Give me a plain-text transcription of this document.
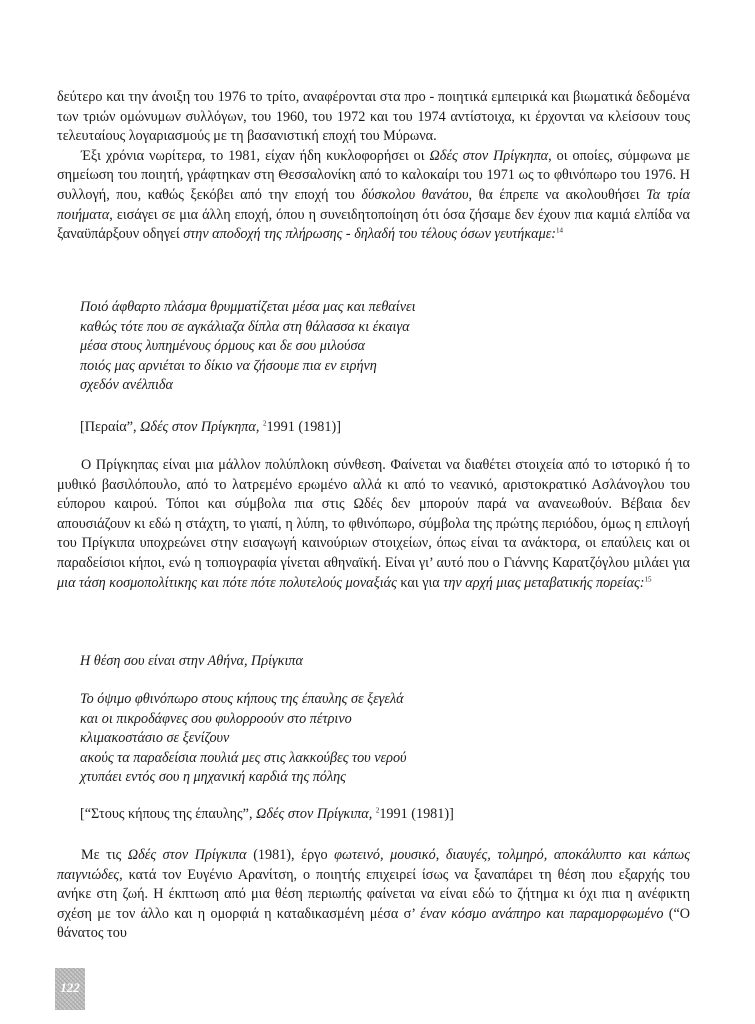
δεύτερο και την άνοιξη του 1976 το τρίτο, αναφέρονται στα προ - ποιητικά εμπειρικά και βιωματικά δεδομένα των τριών ομώνυμων συλλόγων, του 1960, του 1972 και του 1974 αντίστοιχα, κι έρχονται να κλείσουν τους τελευταίους λογαριασμούς με τη βασανιστική εποχή του Μύρωνα.

Έξι χρόνια νωρίτερα, το 1981, είχαν ήδη κυκλοφορήσει οι Ωδές στον Πρίγκηπα, οι οποίες, σύμφωνα με σημείωση του ποιητή, γράφτηκαν στη Θεσσαλονίκη από το καλοκαίρι του 1971 ως το φθινόπωρο του 1976. Η συλλογή, που, καθώς ξεκόβει από την εποχή του δύσκολου θανάτου, θα έπρεπε να ακολουθήσει Τα τρία ποιήματα, εισάγει σε μια άλλη εποχή, όπου η συνειδητοποίηση ότι όσα ζήσαμε δεν έχουν πια καμιά ελπίδα να ξαναϋπάρξουν οδηγεί στην αποδοχή της πλήρωσης - δηλαδή του τέλους όσων γευτήκαμε:$^{14}$

Ποιό άφθαρτο πλάσμα θρυμματίζεται μέσα μας και πεθαίνει
καθώς τότε που σε αγκάλιαζα δίπλα στη θάλασσα κι έκαιγα
μέσα στους λυπημένους όρμους και δε σου μιλούσα
ποιός μας αρνιέται το δίκιο να ζήσουμε πια εν ειρήνη
σχεδόν ανέλπιδα
[Περαία”, Ωδές στον Πρίγκηπα, $^2$1991 (1981)]

Ο Πρίγκηπας είναι μια μάλλον πολύπλοκη σύνθεση. Φαίνεται να διαθέτει στοιχεία από το ιστορικό ή το μυθικό βασιλόπουλο, από το λατρεμένο ερωμένο αλλά κι από το νεανικό, αριστοκρατικό Ασλάνογλου του εύπορου καιρού. Τόποι και σύμβολα πια στις Ωδές δεν μπορούν παρά να ανανεωθούν. Βέβαια δεν απουσιάζουν κι εδώ η στάχτη, το γιαπί, η λύπη, το φθινόπωρο, σύμβολα της πρώτης περιόδου, όμως η επιλογή του Πρίγκιπα υποχρεώνει στην εισαγωγή καινούριων στοιχείων, όπως είναι τα ανάκτορα, οι επαύλεις και οι παραδείσιοι κήποι, ενώ η τοπιογραφία γίνεται αθηναϊκή. Είναι γι’ αυτό που ο Γιάννης Καρατζόγλου μιλάει για μια τάση κοσμοπολίτικης και πότε πότε πολυτελούς μοναξιάς και για την αρχή μιας μεταβατικής πορείας:$^{15}$

Η θέση σου είναι στην Αθήνα, Πρίγκιπα
Το όψιμο φθινόπωρο στους κήπους της έπαυλης σε ξεγελά
και οι πικροδάφνες σου φυλορροούν στο πέτρινο
κλιμακοστάσιο σε ξενίζουν
ακούς τα παραδείσια πουλιά μες στις λακκούβες του νερού
χτυπάει εντός σου η μηχανική καρδιά της πόλης
[“Στους κήπους της έπαυλης”, Ωδές στον Πρίγκιπα, $^2$1991 (1981)]

Με τις Ωδές στον Πρίγκιπα (1981), έργο φωτεινό, μουσικό, διαυγές, τολμηρό, αποκάλυπτο και κάπως παιγνιώδες, κατά τον Ευγένιο Αρανίτση, ο ποιητής επιχειρεί ίσως να ξαναπάρει τη θέση που εξαρχής του ανήκε στη ζωή. Η έκπτωση από μια θέση περιωπής φαίνεται να είναι εδώ το ζήτημα κι όχι πια η ανέφικτη σχέση με τον άλλο και η ομορφιά η καταδικασμένη μέσα σ’ έναν κόσμο ανάπηρο και παραμορφωμένο (“Ο θάνατος του

122
